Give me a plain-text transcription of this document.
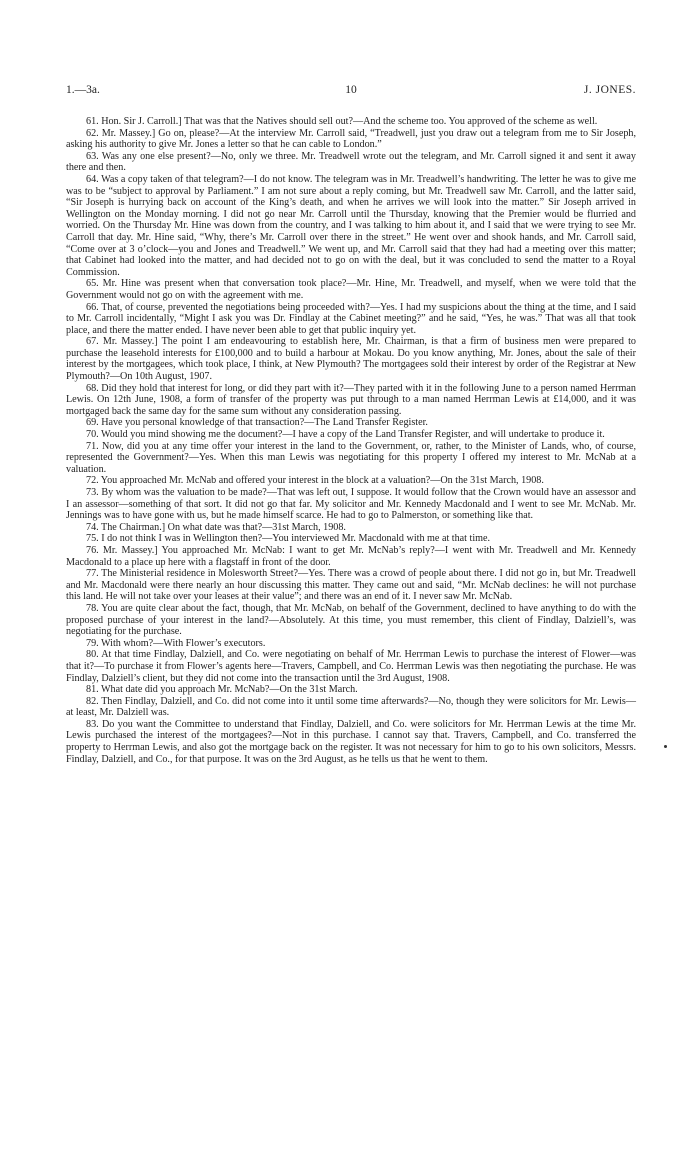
1.—3a.	10	J. JONES.

61. Hon. Sir J. Carroll.] That was that the Natives should sell out?—And the scheme too. You approved of the scheme as well.

62. Mr. Massey.] Go on, please?—At the interview Mr. Carroll said, “Treadwell, just you draw out a telegram from me to Sir Joseph, asking his authority to give Mr. Jones a letter so that he can cable to London.”

63. Was any one else present?—No, only we three. Mr. Treadwell wrote out the telegram, and Mr. Carroll signed it and sent it away there and then.

64. Was a copy taken of that telegram?—I do not know. The telegram was in Mr. Treadwell’s handwriting. The letter he was to give me was to be “subject to approval by Parliament.” I am not sure about a reply coming, but Mr. Treadwell saw Mr. Carroll, and the latter said, “Sir Joseph is hurrying back on account of the King’s death, and when he arrives we will look into the matter.” Sir Joseph arrived in Wellington on the Monday morning. I did not go near Mr. Carroll until the Thursday, knowing that the Premier would be flurried and worried. On the Thursday Mr. Hine was down from the country, and I was talking to him about it, and I said that we were trying to see Mr. Carroll that day. Mr. Hine said, “Why, there’s Mr. Carroll over there in the street.” He went over and shook hands, and Mr. Carroll said, “Come over at 3 o’clock—you and Jones and Treadwell.” We went up, and Mr. Carroll said that they had had a meeting over this matter; that Cabinet had looked into the matter, and had decided not to go on with the deal, but it was concluded to send the matter to a Royal Commission.

65. Mr. Hine was present when that conversation took place?—Mr. Hine, Mr. Treadwell, and myself, when we were told that the Government would not go on with the agreement with me.

66. That, of course, prevented the negotiations being proceeded with?—Yes. I had my suspicions about the thing at the time, and I said to Mr. Carroll incidentally, “Might I ask you was Dr. Findlay at the Cabinet meeting?” and he said, “Yes, he was.” That was all that took place, and there the matter ended. I have never been able to get that public inquiry yet.

67. Mr. Massey.] The point I am endeavouring to establish here, Mr. Chairman, is that a firm of business men were prepared to purchase the leasehold interests for £100,000 and to build a harbour at Mokau. Do you know anything, Mr. Jones, about the sale of their interest by the mortgagees, which took place, I think, at New Plymouth? The mortgagees sold their interest by order of the Registrar at New Plymouth?—On 10th August, 1907.

68. Did they hold that interest for long, or did they part with it?—They parted with it in the following June to a person named Herrman Lewis. On 12th June, 1908, a form of transfer of the property was put through to a man named Herrman Lewis at £14,000, and it was mortgaged back the same day for the same sum without any consideration passing.

69. Have you personal knowledge of that transaction?—The Land Transfer Register.

70. Would you mind showing me the document?—I have a copy of the Land Transfer Register, and will undertake to produce it.

71. Now, did you at any time offer your interest in the land to the Government, or, rather, to the Minister of Lands, who, of course, represented the Government?—Yes. When this man Lewis was negotiating for this property I offered my interest to Mr. McNab at a valuation.

72. You approached Mr. McNab and offered your interest in the block at a valuation?—On the 31st March, 1908.

73. By whom was the valuation to be made?—That was left out, I suppose. It would follow that the Crown would have an assessor and I an assessor—something of that sort. It did not go that far. My solicitor and Mr. Kennedy Macdonald and I went to see Mr. McNab. Mr. Jennings was to have gone with us, but he made himself scarce. He had to go to Palmerston, or something like that.

74. The Chairman.] On what date was that?—31st March, 1908.

75. I do not think I was in Wellington then?—You interviewed Mr. Macdonald with me at that time.

76. Mr. Massey.] You approached Mr. McNab: I want to get Mr. McNab’s reply?—I went with Mr. Treadwell and Mr. Kennedy Macdonald to a place up here with a flagstaff in front of the door.

77. The Ministerial residence in Molesworth Street?—Yes. There was a crowd of people about there. I did not go in, but Mr. Treadwell and Mr. Macdonald were there nearly an hour discussing this matter. They came out and said, “Mr. McNab declines: he will not purchase this land. He will not take over your leases at their value”; and there was an end of it. I never saw Mr. McNab.

78. You are quite clear about the fact, though, that Mr. McNab, on behalf of the Government, declined to have anything to do with the proposed purchase of your interest in the land?—Absolutely. At this time, you must remember, this client of Findlay, Dalziell’s, was negotiating for the purchase.

79. With whom?—With Flower’s executors.

80. At that time Findlay, Dalziell, and Co. were negotiating on behalf of Mr. Herrman Lewis to purchase the interest of Flower—was that it?—To purchase it from Flower’s agents here—Travers, Campbell, and Co. Herrman Lewis was then negotiating the purchase. He was Findlay, Dalziell’s client, but they did not come into the transaction until the 3rd August, 1908.

81. What date did you approach Mr. McNab?—On the 31st March.

82. Then Findlay, Dalziell, and Co. did not come into it until some time afterwards?—No, though they were solicitors for Mr. Lewis—at least, Mr. Dalziell was.

83. Do you want the Committee to understand that Findlay, Dalziell, and Co. were solicitors for Mr. Herrman Lewis at the time Mr. Lewis purchased the interest of the mortgagees?—Not in this purchase. I cannot say that. Travers, Campbell, and Co. transferred the property to Herrman Lewis, and also got the mortgage back on the register. It was not necessary for him to go to his own solicitors, Messrs. Findlay, Dalziell, and Co., for that purpose. It was on the 3rd August, as he tells us that he went to them.
